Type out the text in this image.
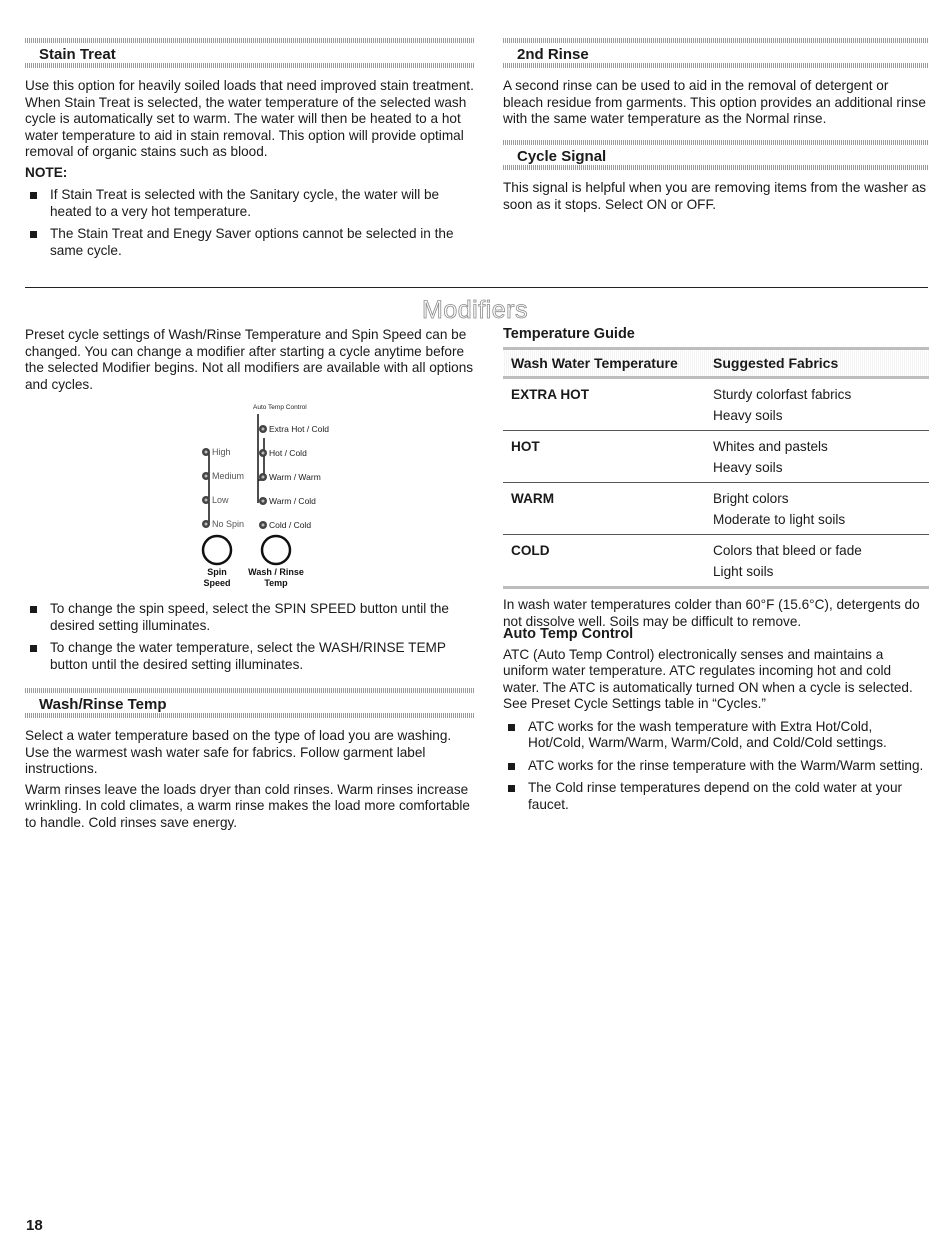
Stain Treat

Use this option for heavily soiled loads that need improved stain treatment. When Stain Treat is selected, the water temperature of the selected wash cycle is automatically set to warm. The water will then be heated to a hot water temperature to aid in stain removal. This option will provide optimal removal of organic stains such as blood.

NOTE:
If Stain Treat is selected with the Sanitary cycle, the water will be heated to a very hot temperature.
The Stain Treat and Enegy Saver options cannot be selected in the same cycle.
2nd Rinse

A second rinse can be used to aid in the removal of detergent or bleach residue from garments. This option provides an additional rinse with the same water temperature as the Normal rinse.

Cycle Signal

This signal is helpful when you are removing items from the washer as soon as it stops. Select ON or OFF.

Modifiers

Preset cycle settings of Wash/Rinse Temperature and Spin Speed can be changed. You can change a modifier after starting a cycle anytime before the selected Modifier begins. Not all modifiers are available with all options and cycles.

Auto Temp Control
High
Medium
Low
No Spin
Extra Hot / Cold
Hot / Cold
Warm / Warm
Warm / Cold
Cold / Cold
Spin
Speed
Wash / Rinse
Temp
To change the spin speed, select the SPIN SPEED button until the desired setting illuminates.
To change the water temperature, select the WASH/RINSE TEMP button until the desired setting illuminates.
Wash/Rinse Temp

Select a water temperature based on the type of load you are washing. Use the warmest wash water safe for fabrics. Follow garment label instructions.

Warm rinses leave the loads dryer than cold rinses. Warm rinses increase wrinkling. In cold climates, a warm rinse makes the load more comfortable to handle. Cold rinses save energy.

Temperature Guide
Wash Water Temperature	Suggested Fabrics
EXTRA HOT	Sturdy colorfast fabrics
Heavy soils

HOT	Whites and pastels
Heavy soils

WARM	Bright colors
Moderate to light soils

COLD	Colors that bleed or fade
Light soils

In wash water temperatures colder than 60°F (15.6°C), detergents do not dissolve well. Soils may be difficult to remove.

Auto Temp Control

ATC (Auto Temp Control) electronically senses and maintains a uniform water temperature. ATC regulates incoming hot and cold water. The ATC is automatically turned ON when a cycle is selected. See Preset Cycle Settings table in “Cycles.”

ATC works for the wash temperature with Extra Hot/Cold, Hot/Cold, Warm/Warm, Warm/Cold, and Cold/Cold settings.
ATC works for the rinse temperature with the Warm/Warm setting.
The Cold rinse temperatures depend on the cold water at your faucet.
18
